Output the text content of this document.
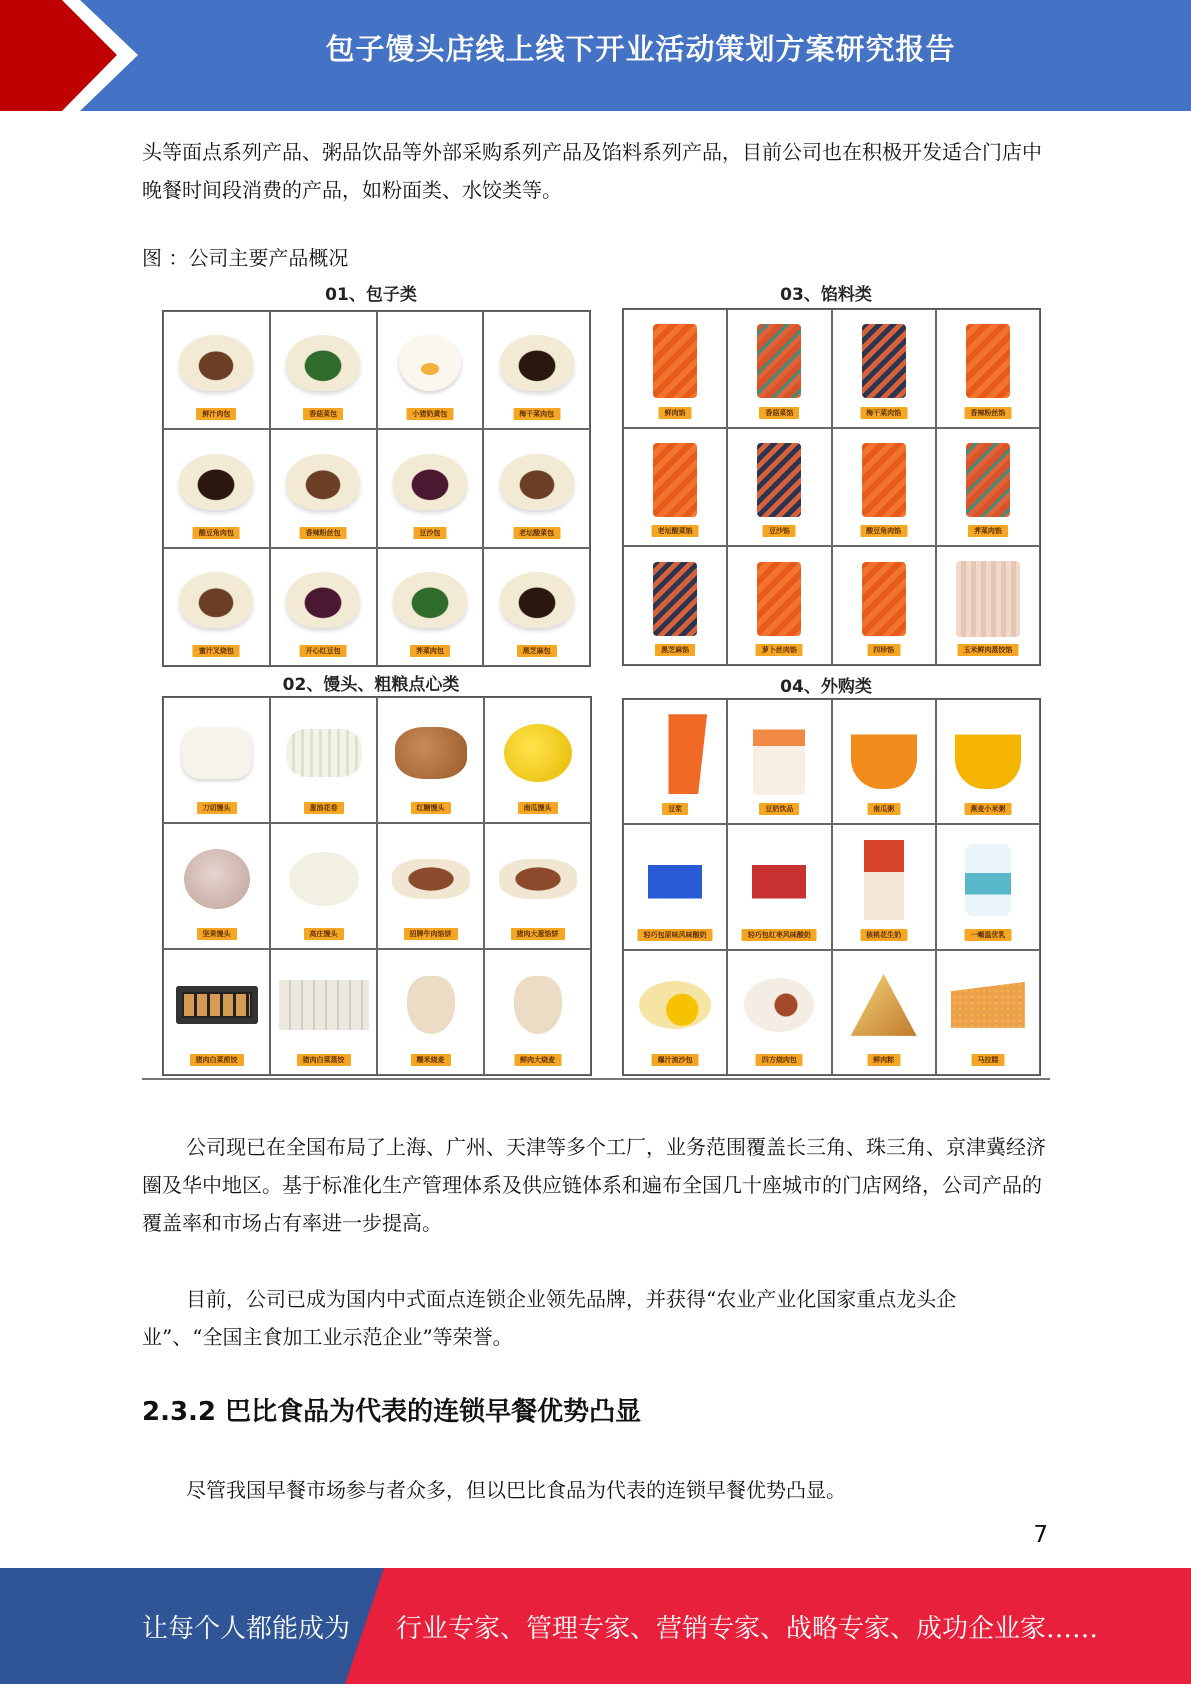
包子馒头店线上线下开业活动策划方案研究报告

头等面点系列产品、粥品饮品等外部采购系列产品及馅料系列产品，目前公司也在积极开发适合门店中晚餐时间段消费的产品，如粉面类、水饺类等。

图 ：公司主要产品概况
01、包子类
鲜汁肉包	香菇菜包	小猪奶黄包	梅干菜肉包
酸豆角肉包	香辣粉丝包	豆沙包	老坛酸菜包
蜜汁叉烧包	开心红豆包	荠菜肉包	黑芝麻包
03、馅料类
鲜肉馅	香菇菜馅	梅干菜肉馅	香辣粉丝馅
老坛酸菜馅	豆沙馅	酸豆角肉馅	荠菜肉馅
黑芝麻馅	萝卜丝肉馅	四珍馅	玉米鲜肉蒸饺馅
02、馒头、粗粮点心类
刀切馒头	葱油花卷	红糖馒头	南瓜馒头
坚果馒头	高庄馒头	招牌牛肉馅饼	猪肉大葱馅饼
猪肉白菜煎饺	猪肉白菜蒸饺	糯米烧麦	鲜肉大烧麦
04、外购类
豆浆	豆奶饮品	南瓜粥	燕麦小米粥
轻巧包原味风味酸奶	轻巧包红枣风味酸奶	核桃花生奶	一噸温优乳
爆汁流沙包	四方烧肉包	鲜肉粽	马拉糕

公司现已在全国布局了上海、广州、天津等多个工厂，业务范围覆盖长三角、珠三角、京津冀经济圈及华中地区。基于标准化生产管理体系及供应链体系和遍布全国几十座城市的门店网络，公司产品的覆盖率和市场占有率进一步提高。

目前，公司已成为国内中式面点连锁企业领先品牌，并获得“农业产业化国家重点龙头企业”、“全国主食加工业示范企业”等荣誉。

2.3.2 巴比食品为代表的连锁早餐优势凸显

尽管我国早餐市场参与者众多，但以巴比食品为代表的连锁早餐优势凸显。

7
让每个人都能成为 行业专家、管理专家、营销专家、战略专家、成功企业家……
